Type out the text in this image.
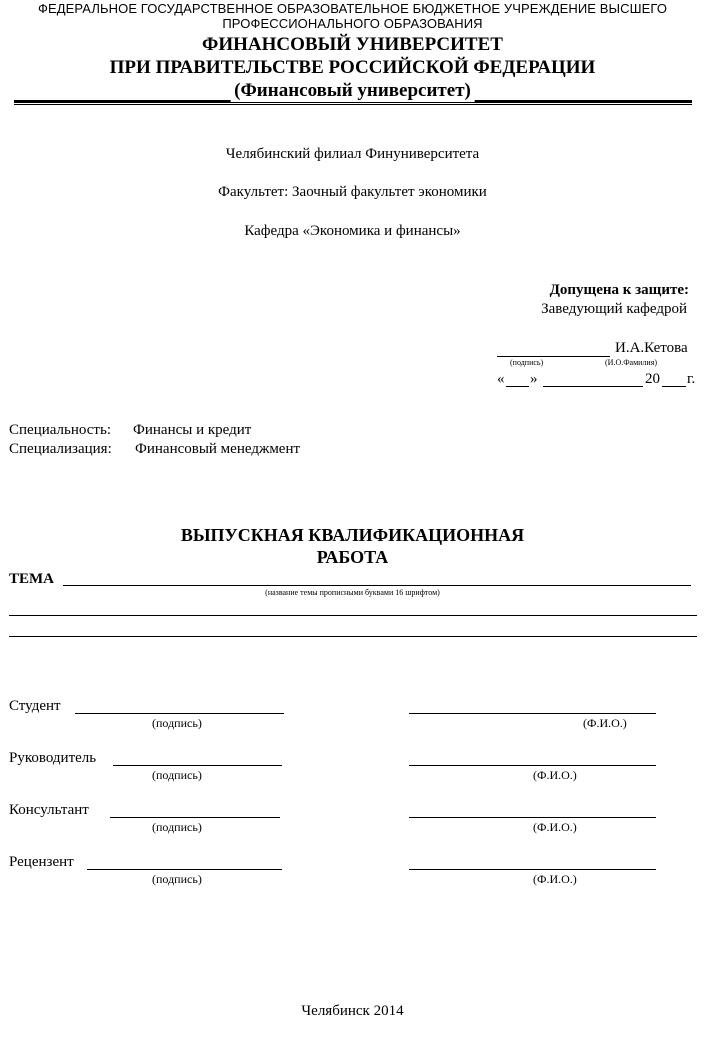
ФЕДЕРАЛЬНОЕ ГОСУДАРСТВЕННОЕ ОБРАЗОВАТЕЛЬНОЕ БЮДЖЕТНОЕ УЧРЕЖДЕНИЕ ВЫСШЕГО
ПРОФЕССИОНАЛЬНОГО ОБРАЗОВАНИЯ
ФИНАНСОВЫЙ УНИВЕРСИТЕТ
ПРИ ПРАВИТЕЛЬСТВЕ РОССИЙСКОЙ ФЕДЕРАЦИИ
(Финансовый университет)
Челябинский филиал Финуниверситета
Факультет: Заочный факультет экономики
Кафедра «Экономика и финансы»
Допущена к защите:
Заведующий кафедрой
И.А.Кетова
(подпись)	(И.О.Фамилия)
« »	20 г.
Специальность: Финансы и кредит
Специализация: Финансовый менеджмент
ВЫПУСКНАЯ КВАЛИФИКАЦИОННАЯ
РАБОТА
ТЕМА
(название темы прописными буквами 16 шрифтом)
Студент
(подпись)	(Ф.И.О.)
Руководитель
(подпись)	(Ф.И.О.)
Консультант
(подпись)	(Ф.И.О.)
Рецензент
(подпись)	(Ф.И.О.)
Челябинск 2014
